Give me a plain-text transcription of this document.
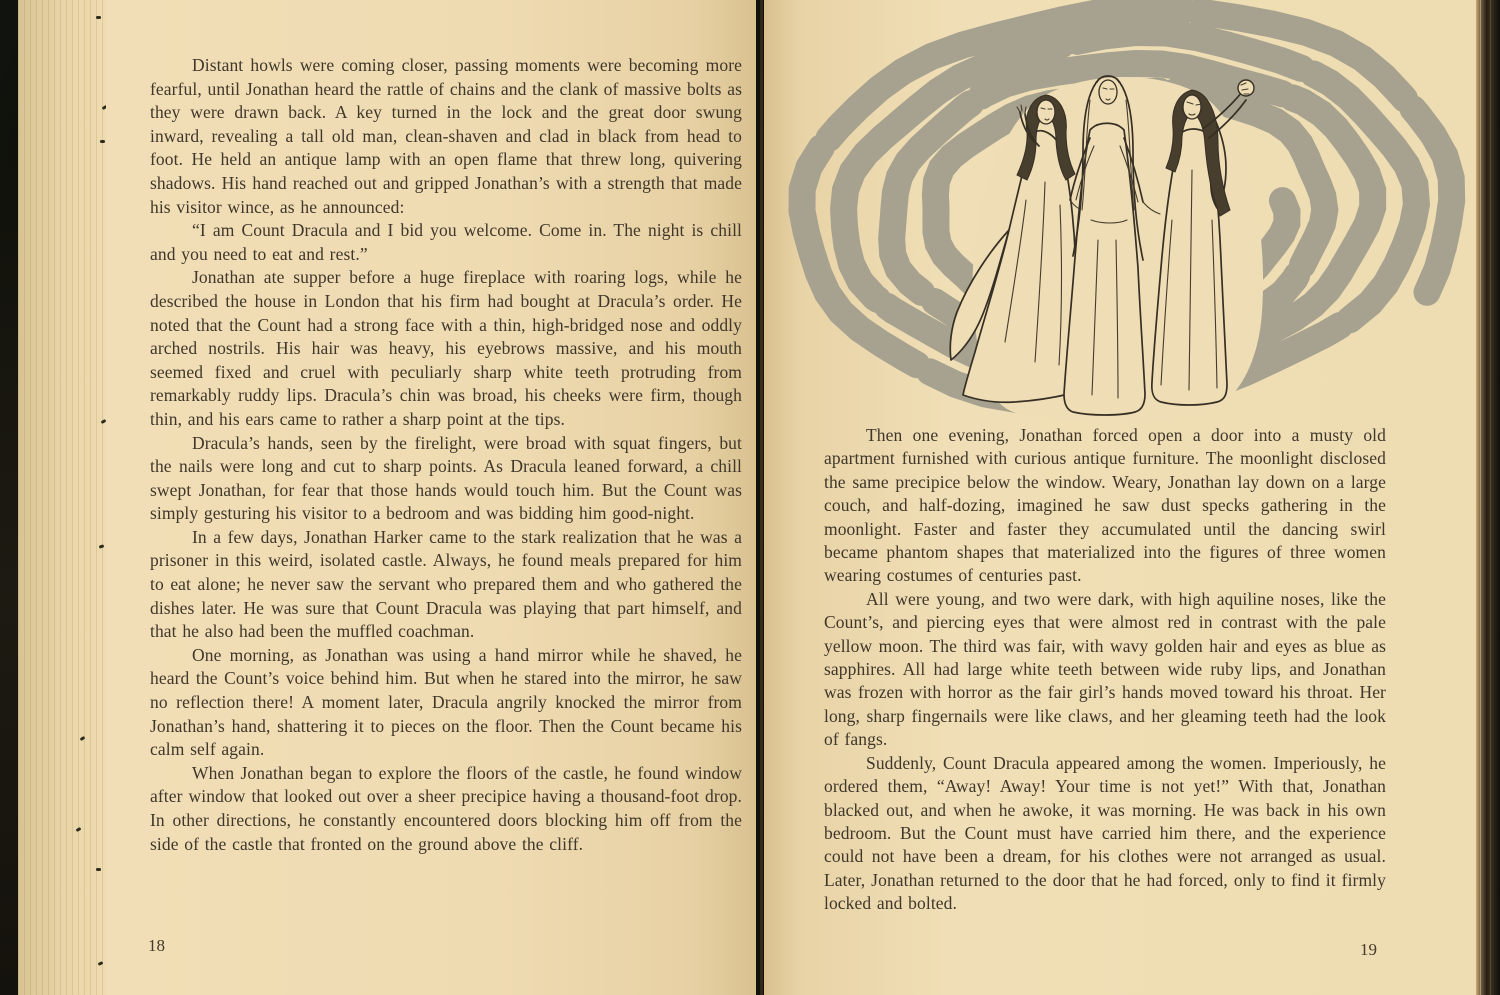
Distant howls were coming closer, passing moments were becoming more fearful, until Jonathan heard the rattle of chains and the clank of massive bolts as they were drawn back. A key turned in the lock and the great door swung inward, revealing a tall old man, clean-shaven and clad in black from head to foot. He held an antique lamp with an open flame that threw long, quivering shadows. His hand reached out and gripped Jonathan’s with a strength that made his visitor wince, as he announced:

“I am Count Dracula and I bid you welcome. Come in. The night is chill and you need to eat and rest.”

Jonathan ate supper before a huge fireplace with roaring logs, while he described the house in London that his firm had bought at Dracula’s order. He noted that the Count had a strong face with a thin, high-bridged nose and oddly arched nostrils. His hair was heavy, his eyebrows massive, and his mouth seemed fixed and cruel with peculiarly sharp white teeth protruding from remarkably ruddy lips. Dracula’s chin was broad, his cheeks were firm, though thin, and his ears came to rather a sharp point at the tips.

Dracula’s hands, seen by the firelight, were broad with squat fingers, but the nails were long and cut to sharp points. As Dracula leaned forward, a chill swept Jonathan, for fear that those hands would touch him. But the Count was simply gesturing his visitor to a bedroom and was bidding him good-night.

In a few days, Jonathan Harker came to the stark realization that he was a prisoner in this weird, isolated castle. Always, he found meals prepared for him to eat alone; he never saw the servant who prepared them and who gathered the dishes later. He was sure that Count Dracula was playing that part himself, and that he also had been the muffled coachman.

One morning, as Jonathan was using a hand mirror while he shaved, he heard the Count’s voice behind him. But when he stared into the mirror, he saw no reflection there! A moment later, Dracula angrily knocked the mirror from Jonathan’s hand, shattering it to pieces on the floor. Then the Count became his calm self again.

When Jonathan began to explore the floors of the castle, he found window after window that looked out over a sheer precipice having a thousand-foot drop. In other directions, he constantly encountered doors blocking him off from the side of the castle that fronted on the ground above the cliff.

Then one evening, Jonathan forced open a door into a musty old apartment furnished with curious antique furniture. The moonlight disclosed the same precipice below the window. Weary, Jonathan lay down on a large couch, and half-dozing, imagined he saw dust specks gathering in the moonlight. Faster and faster they accumulated until the dancing swirl became phantom shapes that materialized into the figures of three women wearing costumes of centuries past.

All were young, and two were dark, with high aquiline noses, like the Count’s, and piercing eyes that were almost red in contrast with the pale yellow moon. The third was fair, with wavy golden hair and eyes as blue as sapphires. All had large white teeth between wide ruby lips, and Jonathan was frozen with horror as the fair girl’s hands moved toward his throat. Her long, sharp fingernails were like claws, and her gleaming teeth had the look of fangs.

Suddenly, Count Dracula appeared among the women. Imperiously, he ordered them, “Away! Away! Your time is not yet!” With that, Jonathan blacked out, and when he awoke, it was morning. He was back in his own bedroom. But the Count must have carried him there, and the experience could not have been a dream, for his clothes were not arranged as usual. Later, Jonathan returned to the door that he had forced, only to find it firmly locked and bolted.

18	19
